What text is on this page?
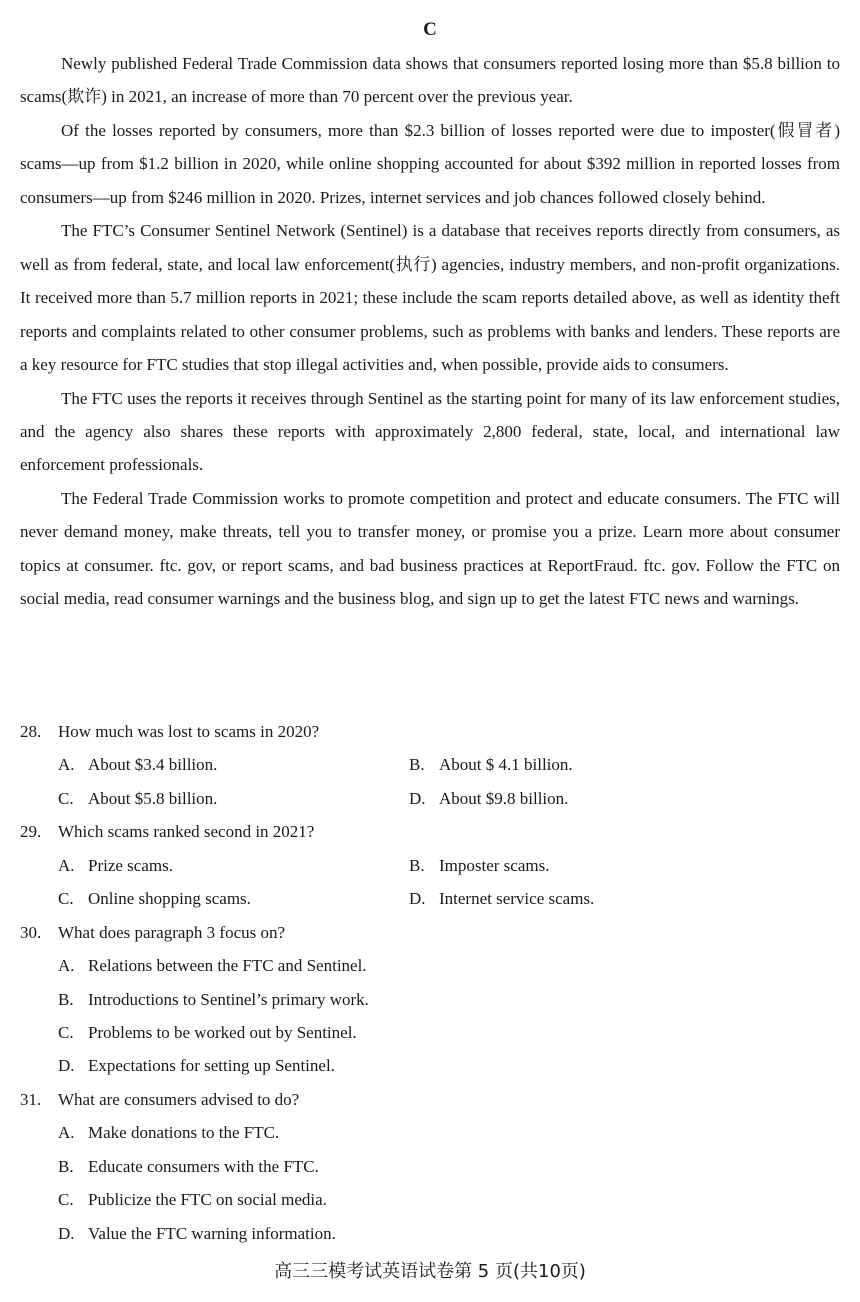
C

Newly published Federal Trade Commission data shows that consumers reported losing more than $5.8 billion to scams(欺诈) in 2021, an increase of more than 70 percent over the previous year.

Of the losses reported by consumers, more than $2.3 billion of losses reported were due to imposter(假冒者) scams—up from $1.2 billion in 2020, while online shopping accounted for about $392 million in reported losses from consumers—up from $246 million in 2020. Prizes, internet services and job chances followed closely behind.

The FTC’s Consumer Sentinel Network (Sentinel) is a database that receives reports directly from consumers, as well as from federal, state, and local law enforcement(执行) agencies, industry members, and non-profit organizations. It received more than 5.7 million reports in 2021; these include the scam reports detailed above, as well as identity theft reports and complaints related to other consumer problems, such as problems with banks and lenders. These reports are a key resource for FTC studies that stop illegal activities and, when possible, provide aids to consumers.

The FTC uses the reports it receives through Sentinel as the starting point for many of its law enforcement studies, and the agency also shares these reports with approximately 2,800 federal, state, local, and international law enforcement professionals.

The Federal Trade Commission works to promote competition and protect and educate consumers. The FTC will never demand money, make threats, tell you to transfer money, or promise you a prize. Learn more about consumer topics at consumer. ftc. gov, or report scams, and bad business practices at ReportFraud. ftc. gov. Follow the FTC on social media, read consumer warnings and the business blog, and sign up to get the latest FTC news and warnings.

28. How much was lost to scams in 2020?
A. About $3.4 billion.	B. About $ 4.1 billion.
C. About $5.8 billion.	D. About $9.8 billion.
29. Which scams ranked second in 2021?
A. Prize scams.	B. Imposter scams.
C. Online shopping scams.	D. Internet service scams.
30. What does paragraph 3 focus on?
A. Relations between the FTC and Sentinel.
B. Introductions to Sentinel’s primary work.
C. Problems to be worked out by Sentinel.
D. Expectations for setting up Sentinel.
31. What are consumers advised to do?
A. Make donations to the FTC.
B. Educate consumers with the FTC.
C. Publicize the FTC on social media.
D. Value the FTC warning information.
高三三模考试英语试卷第 5 页(共10页)
